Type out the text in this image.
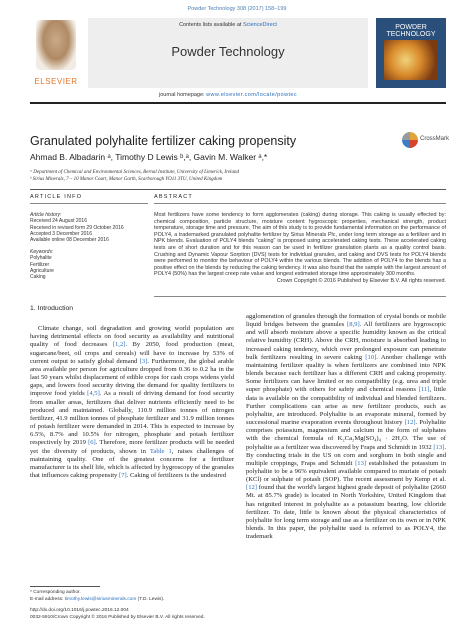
Powder Technology 308 (2017) 158–199
ELSEVIER
Contents lists available at ScienceDirect
Powder Technology
journal homepage: www.elsevier.com/locate/powtec
POWDER TECHNOLOGY
Granulated polyhalite fertilizer caking propensity	CrossMark
Ahmad B. Albadarin ᵃ, Timothy D Lewis ᵇ,ᵃ, Gavin M. Walker ᵃ,*
ᵃ Department of Chemical and Environmental Sciences, Bernal Institute, University of Limerick, Ireland
ᵇ Sirius Minerals, 7 – 10 Manor Court, Manor Garth, Scarborough YO11 3TU, United Kingdom
ARTICLE INFO	ABSTRACT
Article history:
Received 24 August 2016
Received in revised form 29 October 2016
Accepted 3 December 2016
Available online 08 December 2016
Keywords:
Polyhalite
Fertilizer
Agriculture
Caking
Most fertilizers have some tendency to form agglomerates (caking) during storage. This caking is usually effected by: chemical composition, particle structure, moisture content hygroscopic properties, mechanical strength, product temperature, storage time and pressure. The aim of this study is to provide fundamental information on the performance of POLY4, a trademarked granulated polyhalite fertilizer by Sirius Minerals Plc, under long term storage as a fertilizer and in NPK blends. Evaluation of POLY4 blends "caking" is proposed using accelerated caking tests. These accelerated caking tests are of short duration and for this reason can be used in fertilizer granulation plants as a quality control basis. Crushing and Dynamic Vapour Sorption (DVS) tests for individual granules, and caking and DVS tests for POLY4 blends were performed to monitor the behaviour of POLY4 within the various blends. The addition of POLY4 to the blends has a positive effect on the blends by reducing the caking tendency. It was also found that the sample with the largest amount of POLY4 (50%) has the largest creep rate value and longest estimated storage time approximately 300 months.
Crown Copyright © 2016 Published by Elsevier B.V. All rights reserved.
1. Introduction

Climate change, soil degradation and growing world population are having detrimental effects on food security as availability and nutritional quality of food decreases [1,2]. By 2050, food production (meat, sugarcane/beet, oil crops and cereals) will have to increase by 53% of current output to satisfy global demand [3]. Furthermore, the global arable area available per person for agriculture dropped from 0.36 to 0.2 ha in the last 50 years whilst displacement of edible crops for cash crops widens yield gaps, and lowers food security driving the demand for quality fertilizers to improve food yields [4,5]. As a result of driving demand for food security from smaller areas, fertilizers that deliver nutrients efficiently need to be produced and maintained. Globally, 110.9 million tonnes of nitrogen fertilizer, 41.9 million tonnes of phosphate fertilizer and 31.9 million tonnes of potash fertilizer were demanded in 2014. This is expected to increase by 6.5%, 8.7% and 10.5% for nitrogen, phosphate and potash fertilizer respectively by 2019 [6]. Therefore, more fertilizer products will be needed yet the diversity of products, shown in Table 1, raises challenges of maintaining quality. One of the greatest concerns for a fertilizer manufacturer is its shelf life, which is affected by hygroscopy of the granules that influences caking propensity [7]. Caking of fertilizers is the undesired

agglomeration of granules through the formation of crystal bonds or mobile liquid bridges between the granules [8,9]. All fertilizers are hygroscopic and will absorb moisture above a specific humidity known as the critical relative humidity (CRH). Above the CRH, moisture is absorbed leading to increased caking tendency, which over prolonged exposure can penetrate bulk fertilizers resulting in severe caking [10]. Another challenge with maintaining fertilizer quality is when fertilizers are combined into NPK blends because each fertilizer has a different CRH and caking propensity. Some fertilizers can have limited or no compatibility (e.g. urea and triple super phosphate) with others for safety and chemical reasons [11], little data is available on the compatibility of individual and blended fertilizers. Further complications can arise as new fertilizer products, such as polyhalite, are introduced. Polyhalite is an evaporate mineral, formed by successional marine evaporation events throughout history [12]. Polyhalite comprises potassium, magnesium and calcium in the form of sulphates with the chemical formula of K₂Ca₂Mg(SO₄)₄ · 2H₂O. The use of polyhalite as a fertilizer was discovered by Fraps and Schmidt in 1932 [13]. By conducting trials in the US on corn and sorghum in both single and multiple croppings, Fraps and Schmidt [13] established the potassium in polyhalite to be a 96% equivalent available compared to muriate of potash (KCl) or sulphate of potash (SOP). The recent assessment by Kemp et al. [12] found that the world's largest highest grade deposit of polyhalite (2660 Mt. at 85.7% grade) is located in North Yorkshire, United Kingdom that has reignited interest in polyhalite as a potassium bearing, low chloride fertilizer. To date, little is known about the physical characteristics of polyhalite for long term storage and use as a fertilizer on its own or in NPK blends. In this paper, the polyhalite used is referred to as POLY4, the trademark

* Corresponding author.
E-mail address: timothy.lewis@siriusminerals.com (T.D. Lewis).
http://dx.doi.org/10.1016/j.powtec.2016.12.004
0032-5910/Crown Copyright © 2016 Published by Elsevier B.V. All rights reserved.
